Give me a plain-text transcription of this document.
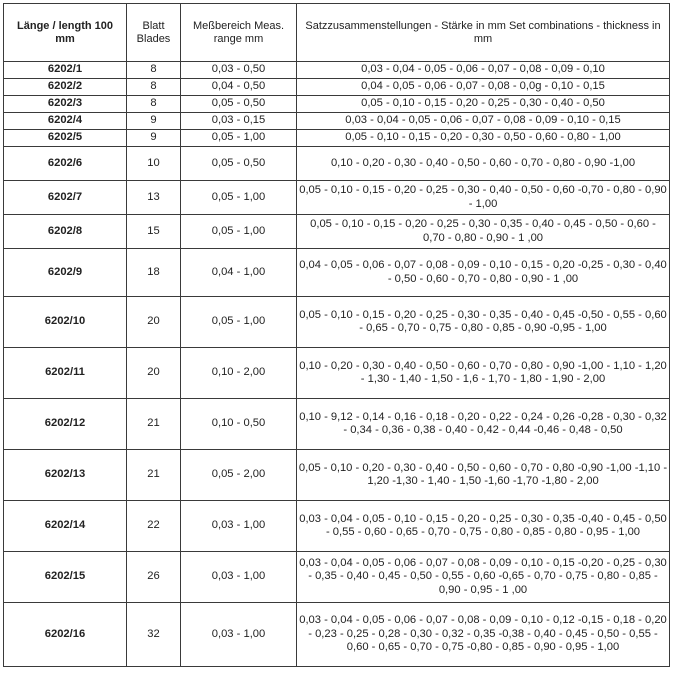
Länge / length 100 mm	Blatt Blades	Meßbereich Meas. range mm	Satzzusammenstellungen - Stärke in mm Set combinations - thickness in mm
6202/1	8	0,03 - 0,50	0,03 - 0,04 - 0,05 - 0,06 - 0,07 - 0,08 - 0,09 - 0,10
6202/2	8	0,04 - 0,50	0,04 - 0,05 - 0,06 - 0,07 - 0,08 - 0,0g - 0,10 - 0,15
6202/3	8	0,05 - 0,50	0,05 - 0,10 - 0,15 - 0,20 - 0,25 - 0,30 - 0,40 - 0,50
6202/4	9	0,03 - 0,15	0,03 - 0,04 - 0,05 - 0,06 - 0,07 - 0,08 - 0,09 - 0,10 - 0,15
6202/5	9	0,05 - 1,00	0,05 - 0,10 - 0,15 - 0,20 - 0,30 - 0,50 - 0,60 - 0,80 - 1,00
6202/6	10	0,05 - 0,50	0,10 - 0,20 - 0,30 - 0,40 - 0,50 - 0,60 - 0,70 - 0,80 - 0,90 -1,00
6202/7	13	0,05 - 1,00	0,05 - 0,10 - 0,15 - 0,20 - 0,25 - 0,30 - 0,40 - 0,50 - 0,60 -0,70 - 0,80 - 0,90 - 1,00
6202/8	15	0,05 - 1,00	0,05 - 0,10 - 0,15 - 0,20 - 0,25 - 0,30 - 0,35 - 0,40 - 0,45 - 0,50 - 0,60 - 0,70 - 0,80 - 0,90 - 1 ,00
6202/9	18	0,04 - 1,00	0,04 - 0,05 - 0,06 - 0,07 - 0,08 - 0,09 - 0,10 - 0,15 - 0,20 -0,25 - 0,30 - 0,40 - 0,50 - 0,60 - 0,70 - 0,80 - 0,90 - 1 ,00
6202/10	20	0,05 - 1,00	0,05 - 0,10 - 0,15 - 0,20 - 0,25 - 0,30 - 0,35 - 0,40 - 0,45 -0,50 - 0,55 - 0,60 - 0,65 - 0,70 - 0,75 - 0,80 - 0,85 - 0,90 -0,95 - 1,00
6202/11	20	0,10 - 2,00	0,10 - 0,20 - 0,30 - 0,40 - 0,50 - 0,60 - 0,70 - 0,80 - 0,90 -1,00 - 1,10 - 1,20 - 1,30 - 1,40 - 1,50 - 1,6 - 1,70 - 1,80 - 1,90 - 2,00
6202/12	21	0,10 - 0,50	0,10 - 9,12 - 0,14 - 0,16 - 0,18 - 0,20 - 0,22 - 0,24 - 0,26 -0,28 - 0,30 - 0,32 - 0,34 - 0,36 - 0,38 - 0,40 - 0,42 - 0,44 -0,46 - 0,48 - 0,50
6202/13	21	0,05 - 2,00	0,05 - 0,10 - 0,20 - 0,30 - 0,40 - 0,50 - 0,60 - 0,70 - 0,80 -0,90 -1,00 -1,10 - 1,20 -1,30 - 1,40 - 1,50 -1,60 -1,70 -1,80 - 2,00
6202/14	22	0,03 - 1,00	0,03 - 0,04 - 0,05 - 0,10 - 0,15 - 0,20 - 0,25 - 0,30 - 0,35 -0,40 - 0,45 - 0,50 - 0,55 - 0,60 - 0,65 - 0,70 - 0,75 - 0,80 - 0,85 - 0,80 - 0,95 - 1,00
6202/15	26	0,03 - 1,00	0,03 - 0,04 - 0,05 - 0,06 - 0,07 - 0,08 - 0,09 - 0,10 - 0,15 -0,20 - 0,25 - 0,30 - 0,35 - 0,40 - 0,45 - 0,50 - 0,55 - 0,60 -0,65 - 0,70 - 0,75 - 0,80 - 0,85 - 0,90 - 0,95 - 1 ,00
6202/16	32	0,03 - 1,00	0,03 - 0,04 - 0,05 - 0,06 - 0,07 - 0,08 - 0,09 - 0,10 - 0,12 -0,15 - 0,18 - 0,20 - 0,23 - 0,25 - 0,28 - 0,30 - 0,32 - 0,35 -0,38 - 0,40 - 0,45 - 0,50 - 0,55 - 0,60 - 0,65 - 0,70 - 0,75 -0,80 - 0,85 - 0,90 - 0,95 - 1,00
